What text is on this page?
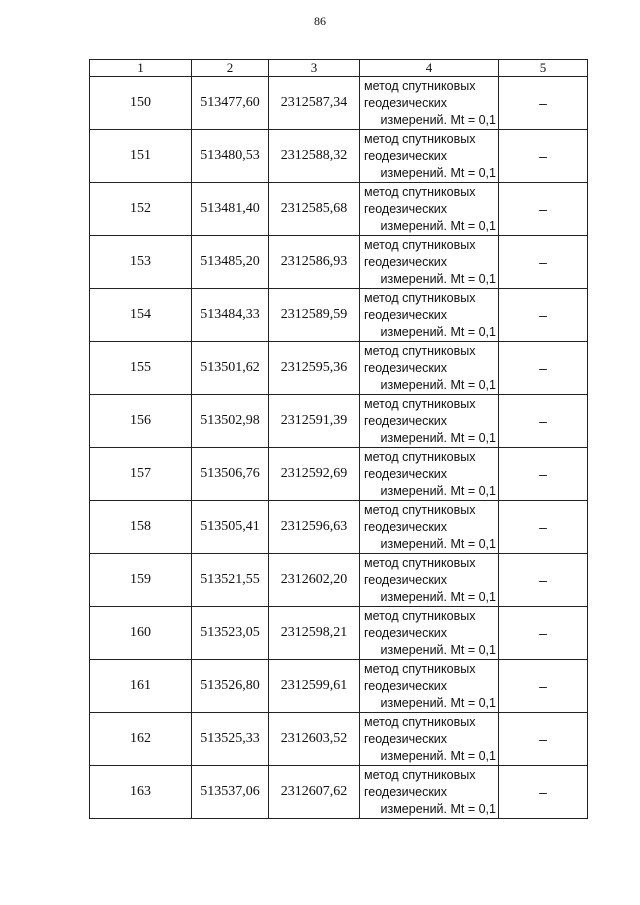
86
1	2	3	4	5
150	513477,60	2312587,34	метод спутниковых
геодезических
измерений. Mt = 0,1	–
151	513480,53	2312588,32	метод спутниковых
геодезических
измерений. Mt = 0,1	–
152	513481,40	2312585,68	метод спутниковых
геодезических
измерений. Mt = 0,1	–
153	513485,20	2312586,93	метод спутниковых
геодезических
измерений. Mt = 0,1	–
154	513484,33	2312589,59	метод спутниковых
геодезических
измерений. Mt = 0,1	–
155	513501,62	2312595,36	метод спутниковых
геодезических
измерений. Mt = 0,1	–
156	513502,98	2312591,39	метод спутниковых
геодезических
измерений. Mt = 0,1	–
157	513506,76	2312592,69	метод спутниковых
геодезических
измерений. Mt = 0,1	–
158	513505,41	2312596,63	метод спутниковых
геодезических
измерений. Mt = 0,1	–
159	513521,55	2312602,20	метод спутниковых
геодезических
измерений. Mt = 0,1	–
160	513523,05	2312598,21	метод спутниковых
геодезических
измерений. Mt = 0,1	–
161	513526,80	2312599,61	метод спутниковых
геодезических
измерений. Mt = 0,1	–
162	513525,33	2312603,52	метод спутниковых
геодезических
измерений. Mt = 0,1	–
163	513537,06	2312607,62	метод спутниковых
геодезических
измерений. Mt = 0,1	–
